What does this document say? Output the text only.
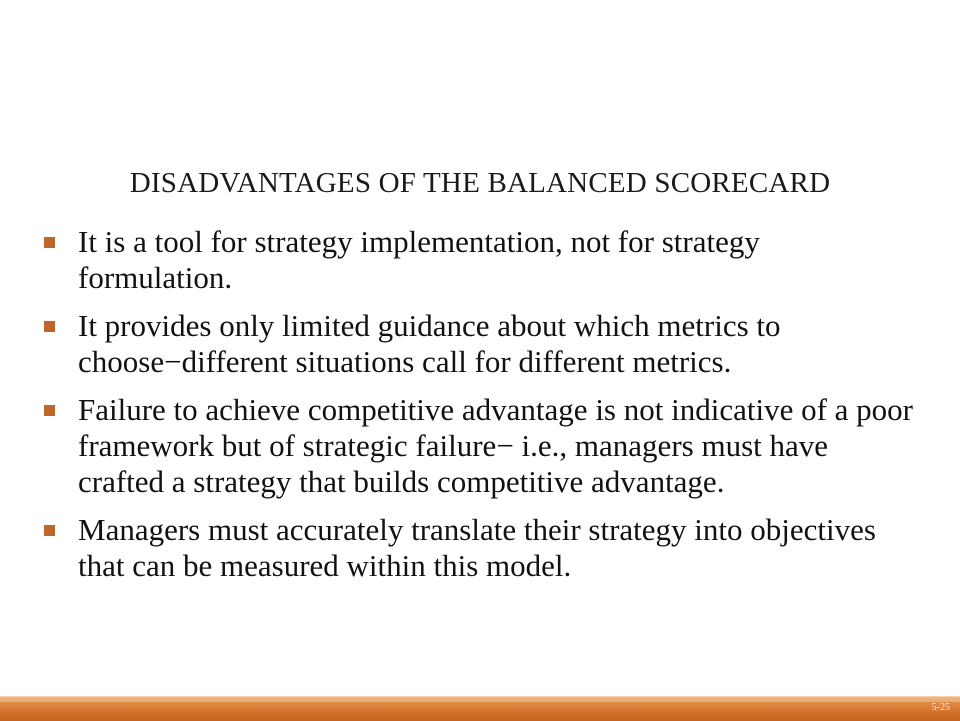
DISADVANTAGES OF THE BALANCED SCORECARD
It is a tool for strategy implementation, not for strategy formulation.
It provides only limited guidance about which metrics to choose−different situations call for different metrics.
Failure to achieve competitive advantage is not indicative of a poor framework but of strategic failure− i.e., managers must have crafted a strategy that builds competitive advantage.
Managers must accurately translate their strategy into objectives that can be measured within this model.
5-25
